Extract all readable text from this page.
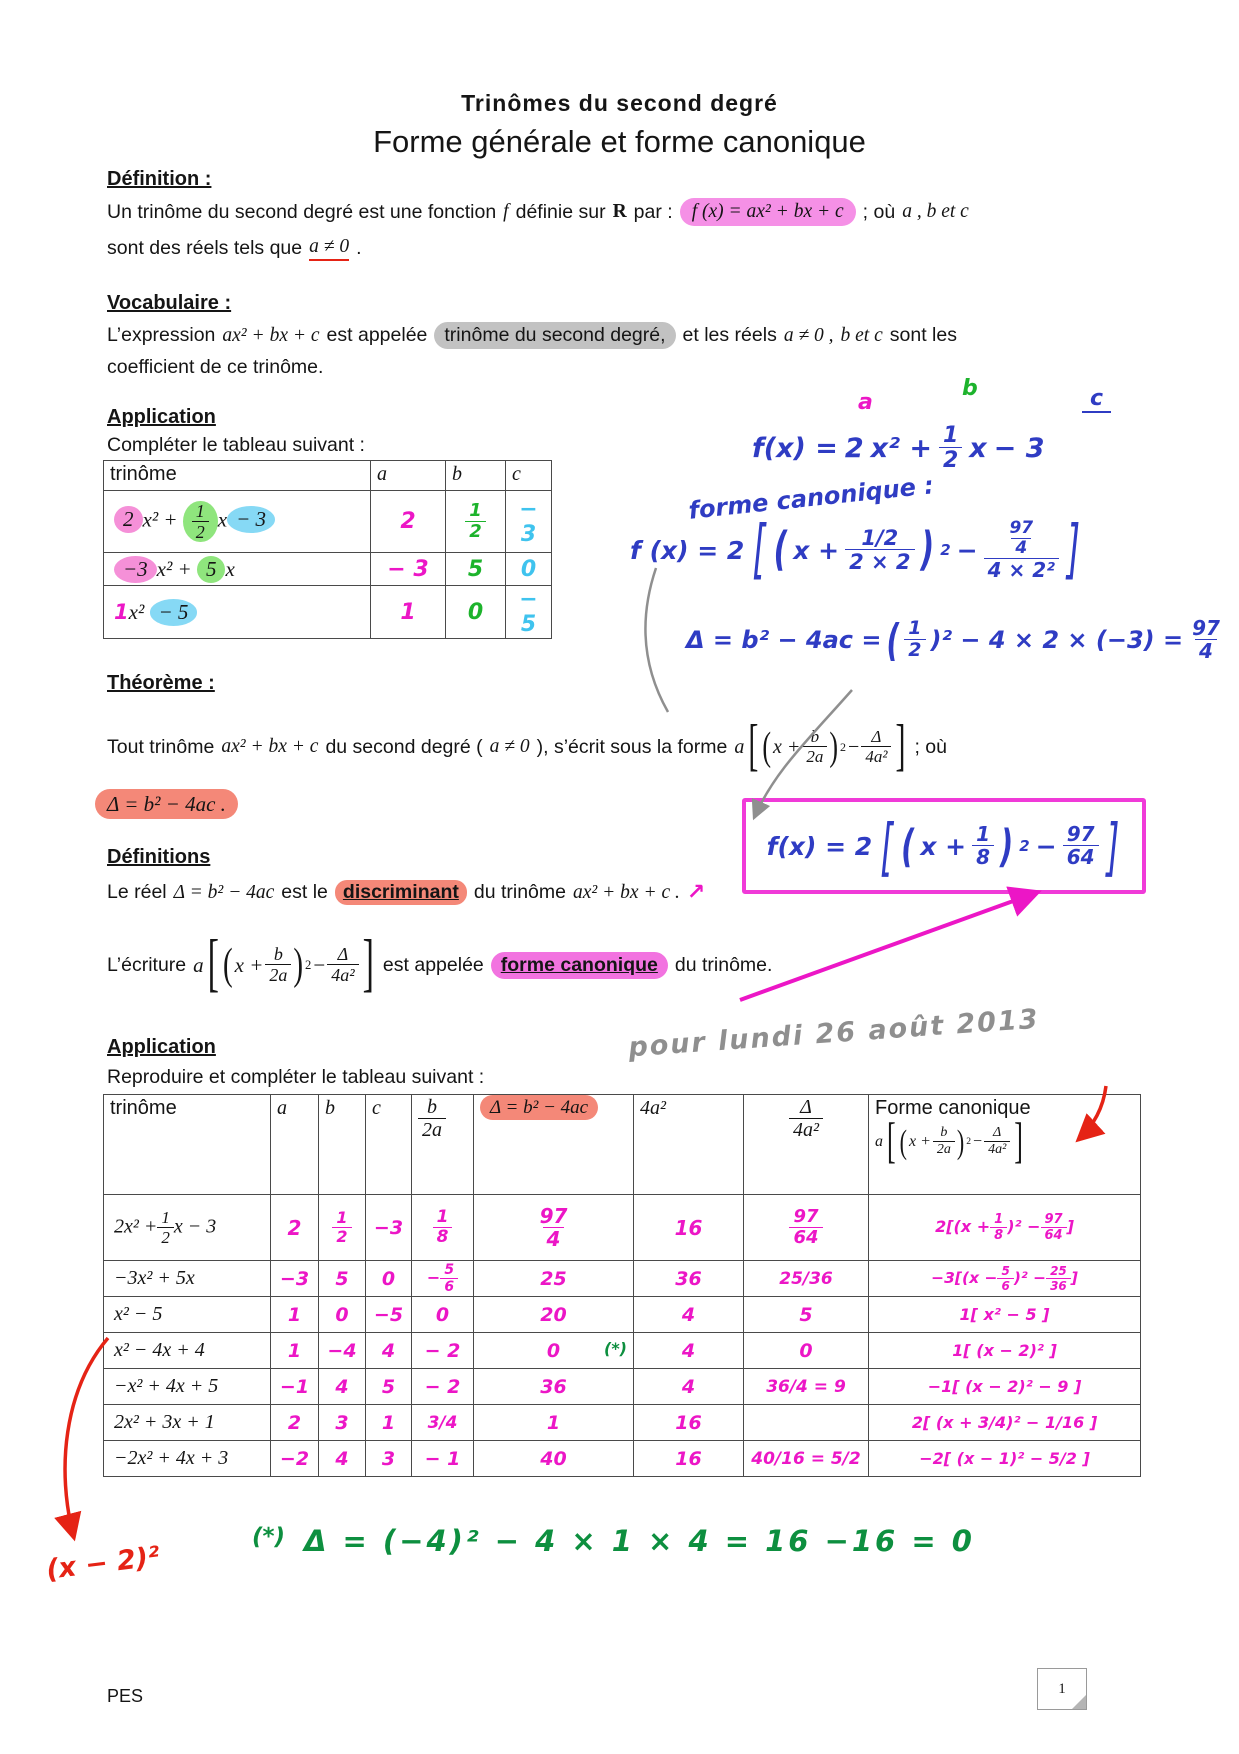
Trinômes du second degré
Forme générale et forme canonique
Définition :
Un trinôme du second degré est une fonction f définie sur R par : f (x) = ax² + bx + c ; où a , b et c
sont des réels tels que a ≠ 0 .
Vocabulaire :
L’expression ax² + bx + c est appelée trinôme du second degré, et les réels a ≠ 0 , b et c sont les
coefficient de ce trinôme.
Application
Compléter le tableau suivant :
trinôme	a	b	c
2 $x^2 + \frac{1}{2}$ x − 3	2	$\frac{1}{2}$	− 3
−3 x² + 5 x	− 3	5	0
1x² − 5	1	0	− 5
a
b	c
f(x) = 2 $x^2 + \frac{1}{2}$ x − 3
forme canonique :
f (x) = 2 [ ( $x + \frac{1/2}{2 \times 2}$ ) $2 - \frac{\frac{97}{4}}{\text{4 × 2²}}$ ]
Δ = b² − 4ac = ( 1
2 )$^2 - 4 \times 2 \times (-3) = \frac{97}{4}$
Théorème :
Tout trinôme ax² + bx + c du second degré ( a ≠ 0 ), s’écrit sous la forme a [ ( $x + \frac{b}{2a}$ ) $2 - \frac{\Delta}{\text{4a²}}$ ] ; où
Δ = b² − 4ac .
f(x) = 2 [ ( $x + \frac{1}{8}$ ) $2 - \frac{97}{64}$ ]
Définitions
Le réel Δ = b² − 4ac est le discriminant du trinôme ax² + bx + c . ↗
L’écriture a [ ( $x + \frac{b}{2a}$ ) $2 - \frac{\Delta}{\text{4a²}}$ ] est appelée forme canonique du trinôme.
Application	pour lundi 26 août 2013
Reproduire et compléter le tableau suivant :
trinôme	a	b	c	$\frac{b}{2a}$	Δ = b² − 4ac	4a²	$\frac{\Delta}{\text{4a²}}$	Forme canonique
a [ ( $x + \frac{b}{2a}$ ) $2 - \frac{\Delta}{\text{4a²}}$ ]

$2x^2 + \frac{1}{2}$ x − 3	2	$\frac{1}{2}$	−3	$\frac{1}{8}$	$\frac{97}{4}$	16	$\frac{97}{64}$	$2[(x + \frac{1}{8} )^2 - \frac{97}{64}$ ]
−3x² + 5x	−3	5	0	− $\frac{5}{6}$	25	36	25/36	$-3[(x - \frac{5}{6} )^2 - \frac{25}{36}$ ]
x² − 5	1	0	−5	0	20	4	5	1[ x² − 5 ]
x² − 4x + 4	1	−4	4	− 2	0 (*)	4	0	1[ (x − 2)² ]
−x² + 4x + 5	−1	4	5	− 2	36	4	36/4 = 9	−1[ (x − 2)² − 9 ]
2x² + 3x + 1	2	3	1	3/4	1	16		2[ (x + 3/4)² − 1/16 ]
−2x² + 4x + 3	−2	4	3	− 1	40	16	40/16 = 5/2	−2[ (x − 1)² − 5/2 ]
(x − 2)²
(*) Δ = (−4)² − 4 × 1 × 4 = 16 −16 = 0
PES	1
